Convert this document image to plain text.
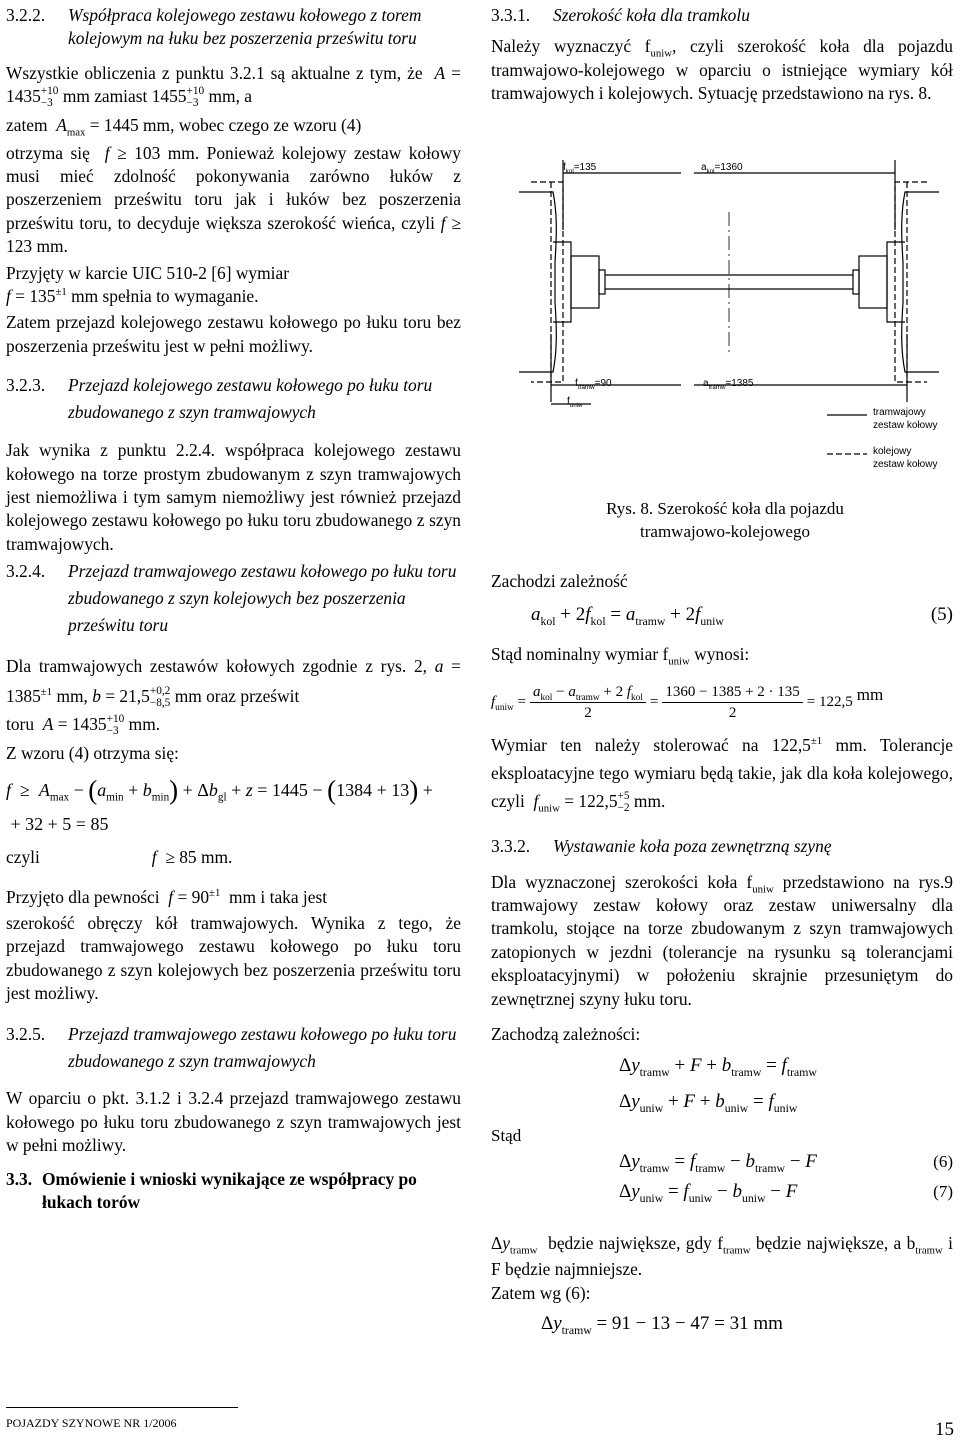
3.2.2. Współpraca kolejowego zestawu kołowego z torem kolejowym na łuku bez poszerzenia prześwitu toru

Wszystkie obliczenia z punktu 3.2.1 są aktualne z tym, że  A = 1435 +10
−3 mm zamiast 1455 +10
−3 mm, a

zatem $A_{max} = 1445$ mm, wobec czego ze wzoru (4)

otrzyma się f ≥ 103 mm. Ponieważ kolejowy zestaw kołowy musi mieć zdolność pokonywania zarówno łuków z poszerzeniem prześwitu toru jak i łuków bez poszerzenia prześwitu toru, to decyduje większa szerokość wieńca, czyli f ≥ 123 mm.

Przyjęty w karcie UIC 510-2 [6] wymiar
$f = 135^{\pm 1}$ mm spełnia to wymaganie.

Zatem przejazd kolejowego zestawu kołowego po łuku toru bez poszerzenia prześwitu jest w pełni możliwy.

3.2.3. Przejazd kolejowego zestawu kołowego po łuku toru zbudowanego z szyn tramwajowych

Jak wynika z punktu 2.2.4. współpraca kolejowego zestawu kołowego na torze prostym zbudowanym z szyn tramwajowych jest niemożliwa i tym samym niemożliwy jest również przejazd kolejowego zestawu kołowego po łuku toru zbudowanego z szyn tramwajowych.

3.2.4. Przejazd tramwajowego zestawu kołowego po łuku toru zbudowanego z szyn kolejowych bez poszerzenia prześwitu toru

Dla tramwajowych zestawów kołowych zgodnie z rys. 2, $a = 1385^{\pm 1}$ mm, b = 21,5 +0,2
−8,5 mm oraz prześwit

toru A = 1435 +10
−3 mm.

Z wzoru (4) otrzyma się:

$f \ge A_{max} - (a_{min} + b_{min}) + \Delta b_{gl} + z = 1445 - (1384 + 13)$ +

+ 32 + 5 = 85

czyli	f  ≥ 85 mm.

Przyjęto dla pewności $f = 90^{\pm 1}$ mm i taka jest

szerokość obręczy kół tramwajowych. Wynika z tego, że przejazd tramwajowego zestawu kołowego po łuku toru zbudowanego z szyn kolejowych bez poszerzenia prześwitu toru jest możliwy.

3.2.5. Przejazd tramwajowego zestawu kołowego po łuku toru zbudowanego z szyn tramwajowych

W oparciu o pkt. 3.1.2 i 3.2.4 przejazd tramwajowego zestawu kołowego po łuku toru zbudowanego z szyn tramwajowych jest w pełni możliwy.

3.3. Omówienie i wnioski wynikające ze współpracy po łukach torów

3.3.1. Szerokość koła dla tramkolu

Należy wyznaczyć $f_{uniw}$, czyli szerokość koła dla pojazdu tramwajowo-kolejowego w oparciu o istniejące wymiary kół tramwajowych i kolejowych. Sytuację przedstawiono na rys. 8.

$f_{kol}=135$	$a_{kol}=1360$
$f_{tramw}=90$	$a_{tramw}=1385$
$f_{uniw}$
tramwajowy
zestaw kołowy
kolejowy
zestaw kołowy

Rys. 8. Szerokość koła dla pojazdu tramwajowo-kolejowego

Zachodzi zależność

$a_{kol} + 2f_{kol} = a_{tramw} + 2f_{uniw}$	(5)

Stąd nominalny wymiar $f_{uniw}$ wynosi:

$f_{uniw} = \frac{a_{kol} - a_{tramw} + 2 f_{kol}}{2} = \frac{1360 - 1385 + 2 \cdot 135}{2} = 122,5$ mm

Wymiar ten należy stolerować na $122,5^{\pm 1}$ mm. Tolerancje eksploatacyjne tego wymiaru będą takie, jak dla koła kolejowego, czyli $f_{uniw} = 122,5 +5$
−2 mm.

3.3.2. Wystawanie koła poza zewnętrzną szynę

Dla wyznaczonej szerokości koła $f_{uniw}$ przedstawiono na rys.9 tramwajowy zestaw kołowy oraz zestaw uniwersalny dla tramkolu, stojące na torze zbudowanym z szyn tramwajowych zatopionych w jezdni (tolerancje na rysunku są tolerancjami eksploatacyjnymi) w położeniu skrajnie przesuniętym do zewnętrznej szyny łuku toru.

Zachodzą zależności:

$\Delta y_{tramw} + F + b_{tramw} = f_{tramw}$
$\Delta y_{uniw} + F + b_{uniw} = f_{uniw}$
Stąd
$\Delta y_{tramw} = f_{tramw} - b_{tramw} - F$	(6)
$\Delta y_{uniw} = f_{uniw} - b_{uniw} - F$	(7)

$\Delta y_{tramw}$ będzie największe, gdy $f_{tramw}$ będzie największe, a $b_{tramw}$ i F będzie najmniejsze.

Zatem wg (6):

$\Delta y_{tramw} = 91 - 13 - 47 = 31$ mm

POJAZDY SZYNOWE NR 1/2006	15
